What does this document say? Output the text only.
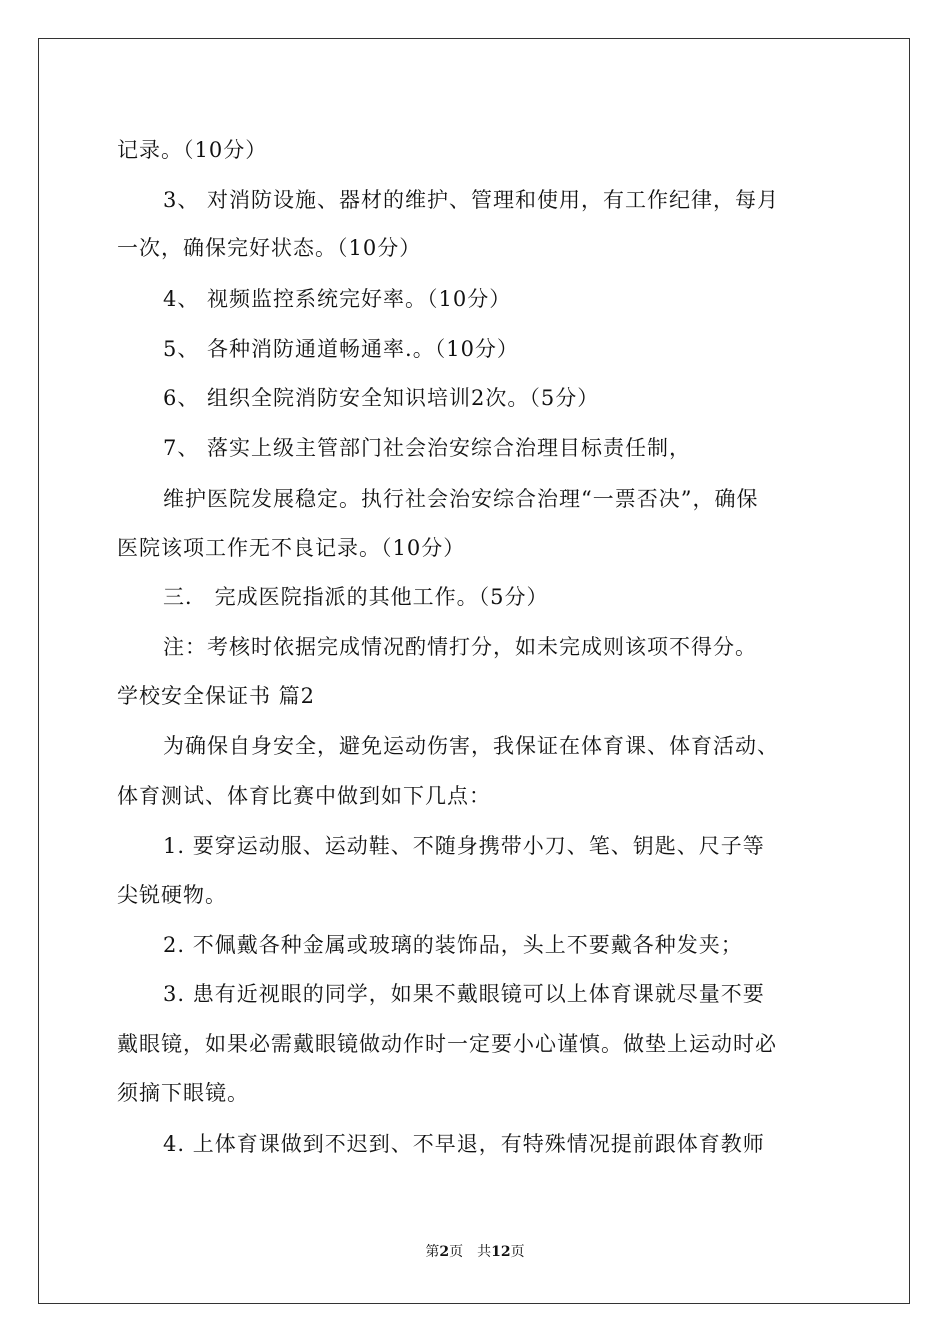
记录。（10分）
3、 对消防设施、器材的维护、管理和使用，有工作纪律，每月
一次，确保完好状态。（10分）
4、 视频监控系统完好率。（10分）
5、 各种消防通道畅通率.。（10分）
6、 组织全院消防安全知识培训2次。（5分）
7、 落实上级主管部门社会治安综合治理目标责任制，
维护医院发展稳定。执行社会治安综合治理“一票否决”，确保
医院该项工作无不良记录。（10分）
三． 完成医院指派的其他工作。（5分）
注：考核时依据完成情况酌情打分，如未完成则该项不得分。
学校安全保证书 篇2
为确保自身安全，避免运动伤害，我保证在体育课、体育活动、
体育测试、体育比赛中做到如下几点：
1. 要穿运动服、运动鞋、不随身携带小刀、笔、钥匙、尺子等
尖锐硬物。
2. 不佩戴各种金属或玻璃的装饰品，头上不要戴各种发夹；
3. 患有近视眼的同学，如果不戴眼镜可以上体育课就尽量不要
戴眼镜，如果必需戴眼镜做动作时一定要小心谨慎。做垫上运动时必
须摘下眼镜。
4. 上体育课做到不迟到、不早退，有特殊情况提前跟体育教师
第2页　共12页
